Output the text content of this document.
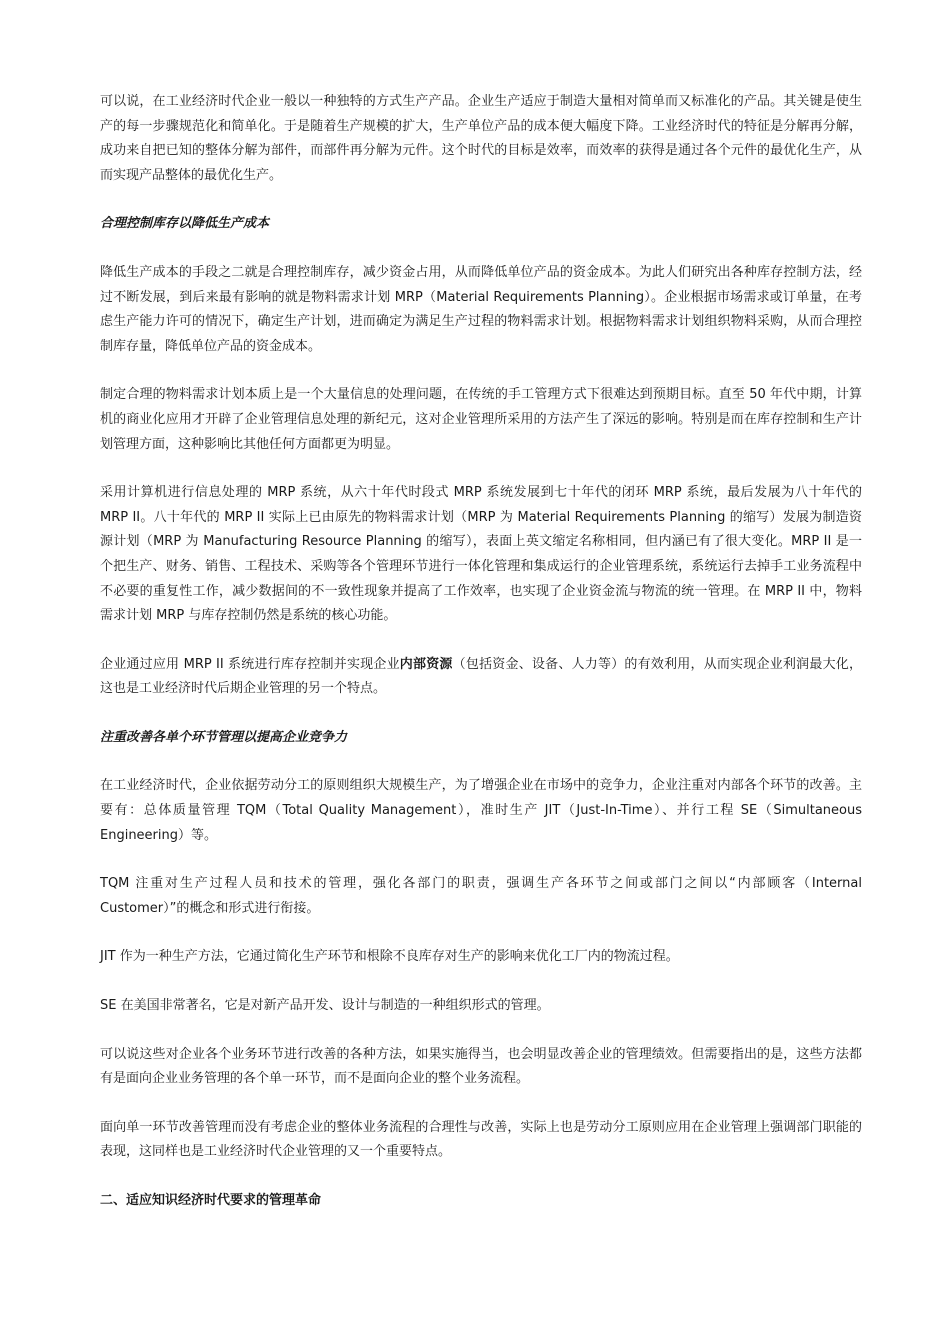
可以说，在工业经济时代企业一般以一种独特的方式生产产品。企业生产适应于制造大量相对简单而又标准化的产品。其关键是使生产的每一步骤规范化和简单化。于是随着生产规模的扩大，生产单位产品的成本便大幅度下降。工业经济时代的特征是分解再分解，成功来自把已知的整体分解为部件，而部件再分解为元件。这个时代的目标是效率，而效率的获得是通过各个元件的最优化生产，从而实现产品整体的最优化生产。

合理控制库存以降低生产成本

降低生产成本的手段之二就是合理控制库存，减少资金占用，从而降低单位产品的资金成本。为此人们研究出各种库存控制方法，经过不断发展，到后来最有影响的就是物料需求计划 MRP（Material Requirements Planning）。企业根据市场需求或订单量，在考虑生产能力许可的情况下，确定生产计划，进而确定为满足生产过程的物料需求计划。根据物料需求计划组织物料采购，从而合理控制库存量，降低单位产品的资金成本。

制定合理的物料需求计划本质上是一个大量信息的处理问题，在传统的手工管理方式下很难达到预期目标。直至 50 年代中期，计算机的商业化应用才开辟了企业管理信息处理的新纪元，这对企业管理所采用的方法产生了深远的影响。特别是而在库存控制和生产计划管理方面，这种影响比其他任何方面都更为明显。

采用计算机进行信息处理的 MRP 系统，从六十年代时段式 MRP 系统发展到七十年代的闭环 MRP 系统，最后发展为八十年代的 MRP II。八十年代的 MRP II 实际上已由原先的物料需求计划（MRP 为 Material Requirements Planning 的缩写）发展为制造资源计划（MRP 为 Manufacturing Resource Planning 的缩写），表面上英文缩定名称相同，但内涵已有了很大变化。MRP II 是一个把生产、财务、销售、工程技术、采购等各个管理环节进行一体化管理和集成运行的企业管理系统，系统运行去掉手工业务流程中不必要的重复性工作，减少数据间的不一致性现象并提高了工作效率，也实现了企业资金流与物流的统一管理。在 MRP II 中，物料需求计划 MRP 与库存控制仍然是系统的核心功能。

企业通过应用 MRP II 系统进行库存控制并实现企业内部资源（包括资金、设备、人力等）的有效利用，从而实现企业利润最大化，这也是工业经济时代后期企业管理的另一个特点。

注重改善各单个环节管理以提高企业竞争力

在工业经济时代，企业依据劳动分工的原则组织大规模生产，为了增强企业在市场中的竞争力，企业注重对内部各个环节的改善。主要有：总体质量管理 TQM（Total Quality Management），准时生产 JIT（Just-In-Time）、并行工程 SE（Simultaneous Engineering）等。

TQM 注重对生产过程人员和技术的管理，强化各部门的职责，强调生产各环节之间或部门之间以“内部顾客（Internal Customer）”的概念和形式进行衔接。

JIT 作为一种生产方法，它通过简化生产环节和根除不良库存对生产的影响来优化工厂内的物流过程。

SE 在美国非常著名，它是对新产品开发、设计与制造的一种组织形式的管理。

可以说这些对企业各个业务环节进行改善的各种方法，如果实施得当，也会明显改善企业的管理绩效。但需要指出的是，这些方法都有是面向企业业务管理的各个单一环节，而不是面向企业的整个业务流程。

面向单一环节改善管理而没有考虑企业的整体业务流程的合理性与改善，实际上也是劳动分工原则应用在企业管理上强调部门职能的表现，这同样也是工业经济时代企业管理的又一个重要特点。

二、适应知识经济时代要求的管理革命
